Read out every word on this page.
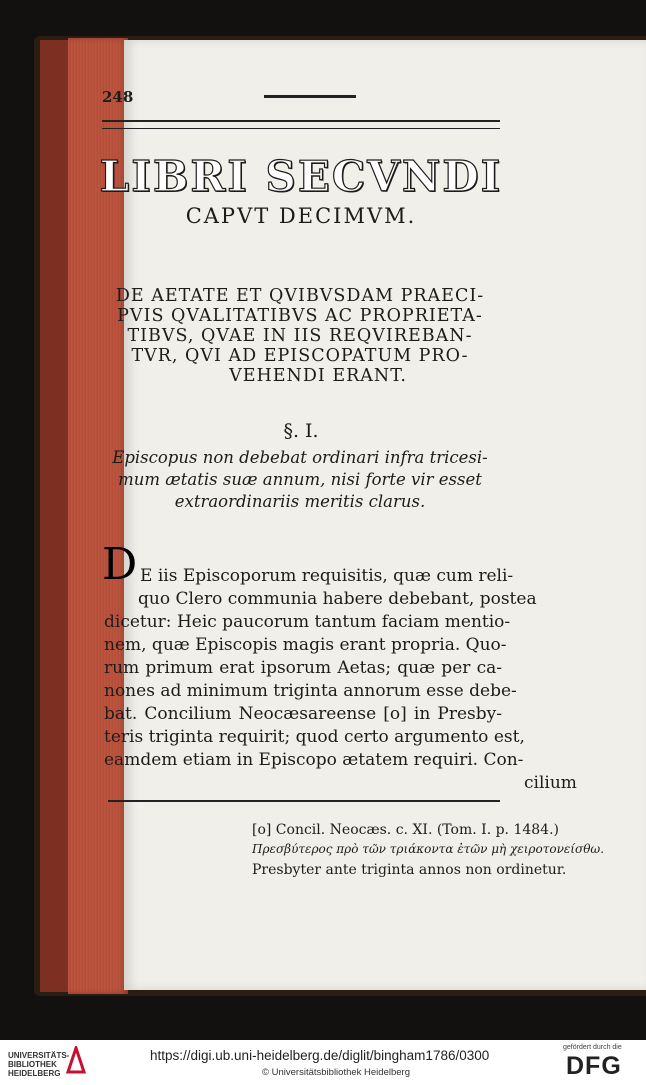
248
LIBRI SECVNDI
CAPVT DECIMVM.
DE AETATE ET QVIBVSDAM PRAECI-
PVIS QVALITATIBVS AC PROPRIETA-
TIBVS, QVAE IN IIS REQVIREBAN-
TVR, QVI AD EPISCOPATUM PRO-
VEHENDI ERANT.
§. I.
Episcopus non debebat ordinari infra tricesi-
mum ætatis suæ annum, nisi forte vir esset
extraordinariis meritis clarus.
D E iis Episcoporum requisitis, quæ cum reli-
quo Clero communia habere debebant, postea
dicetur: Heic paucorum tantum faciam mentio-
nem, quæ Episcopis magis erant propria. Quo-
rum primum erat ipsorum Aetas; quæ per ca-
nones ad minimum triginta annorum esse debe-
bat. Concilium Neocæsareense [o] in Presby-
teris triginta requirit; quod certo argumento est,
eamdem etiam in Episcopo ætatem requiri. Con-
cilium
[o] Concil. Neocæs. c. XI. (Tom. I. p. 1484.)
Πρεσβύτερος πρὸ τῶν τριάκοντα ἐτῶν μὴ χειροτονείσθω.
Presbyter ante triginta annos non ordinetur.
UNIVERSITÄTS-
BIBLIOTHEK
HEIDELBERG
https://digi.ub.uni-heidelberg.de/diglit/bingham1786/0300
© Universitätsbibliothek Heidelberg
gefördert durch die
DFG
